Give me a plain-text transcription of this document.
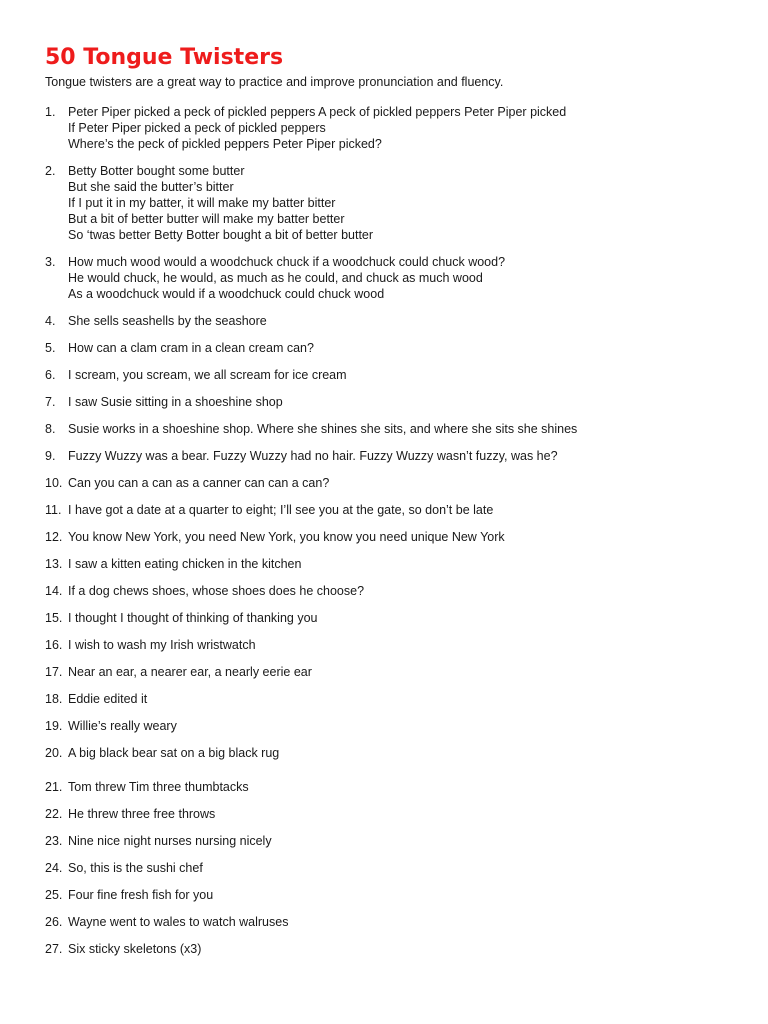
50 Tongue Twisters

Tongue twisters are a great way to practice and improve pronunciation and fluency.

1.	Peter Piper picked a peck of pickled peppers A peck of pickled peppers Peter Piper picked
If Peter Piper picked a peck of pickled peppers
Where’s the peck of pickled peppers Peter Piper picked?
2.	Betty Botter bought some butter
But she said the butter’s bitter
If I put it in my batter, it will make my batter bitter
But a bit of better butter will make my batter better
So ‘twas better Betty Botter bought a bit of better butter
3.	How much wood would a woodchuck chuck if a woodchuck could chuck wood?
He would chuck, he would, as much as he could, and chuck as much wood
As a woodchuck would if a woodchuck could chuck wood
4.	She sells seashells by the seashore
5.	How can a clam cram in a clean cream can?
6.	I scream, you scream, we all scream for ice cream
7.	I saw Susie sitting in a shoeshine shop
8.	Susie works in a shoeshine shop. Where she shines she sits, and where she sits she shines
9.	Fuzzy Wuzzy was a bear. Fuzzy Wuzzy had no hair. Fuzzy Wuzzy wasn’t fuzzy, was he?
10. Can you can a can as a canner can can a can?
11. I have got a date at a quarter to eight; I’ll see you at the gate, so don’t be late
12. You know New York, you need New York, you know you need unique New York
13. I saw a kitten eating chicken in the kitchen
14. If a dog chews shoes, whose shoes does he choose?
15. I thought I thought of thinking of thanking you
16. I wish to wash my Irish wristwatch
17. Near an ear, a nearer ear, a nearly eerie ear
18. Eddie edited it
19. Willie’s really weary
20. A big black bear sat on a big black rug
21. Tom threw Tim three thumbtacks
22. He threw three free throws
23. Nine nice night nurses nursing nicely
24. So, this is the sushi chef
25. Four fine fresh fish for you
26. Wayne went to wales to watch walruses
27. Six sticky skeletons (x3)
